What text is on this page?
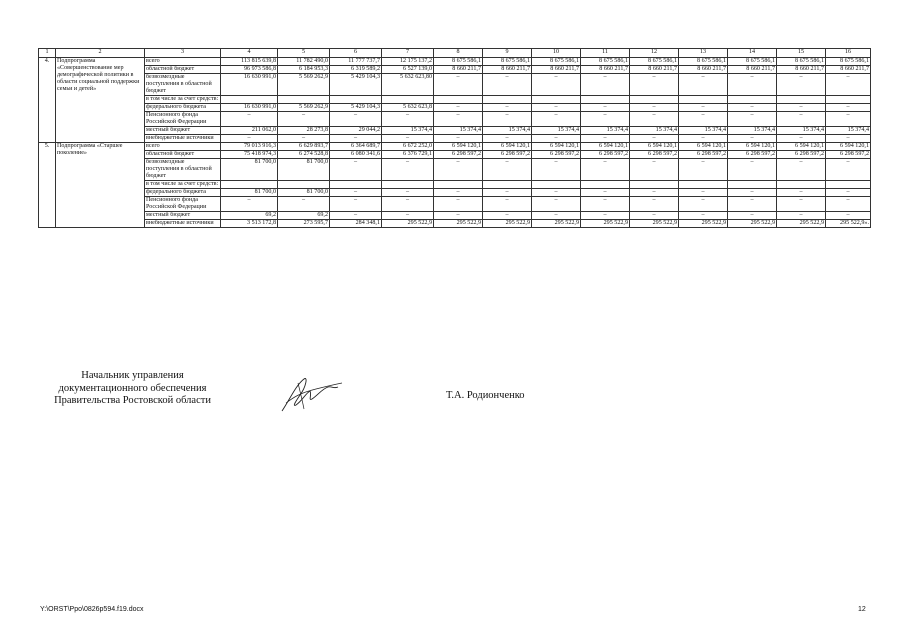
1	2	3	4	5	6	7	8	9	10	11	12	13	14	15	16
4.	Подпрограмма «Совершенствование мер демографической политики в области социальной поддержки семьи и детей»	всего	113 815 639,8	11 782 490,0	11 777 737,7	12 175 137,2	8 675 586,1	8 675 586,1	8 675 586,1	8 675 586,1	8 675 586,1	8 675 586,1	8 675 586,1	8 675 586,1	8 675 586,1
		областной бюджет	96 973 586,8	6 184 953,3	6 319 589,2	6 527 139,0	8 660 211,7	8 660 211,7	8 660 211,7	8 660 211,7	8 660 211,7	8 660 211,7	8 660 211,7	8 660 211,7	8 660 211,7
		безвозмездные поступления в областной бюджет	16 630 991,0	5 569 262,9	5 429 104,3	5 632 623,80	–	–	–	–	–	–	–	–	–
		в том числе за счет средств:													
		федерального бюджета	16 630 991,0	5 569 262,9	5 429 104,3	5 632 623,8	–	–	–	–	–	–	–	–	–
		Пенсионного фонда Российской Федерации	–	–	–	–	–	–	–	–	–	–	–	–	–
		местный бюджет	211 062,0	28 273,8	29 044,2	15 374,4	15 374,4	15 374,4	15 374,4	15 374,4	15 374,4	15 374,4	15 374,4	15 374,4	15 374,4
		внебюджетные источники	–	–	–	–	–	–	–	–	–	–	–	–	–
5.	Подпрограмма «Старшее поколение»	всего	79 013 916,3	6 629 893,7	6 364 689,7	6 672 252,0	6 594 120,1	6 594 120,1	6 594 120,1	6 594 120,1	6 594 120,1	6 594 120,1	6 594 120,1	6 594 120,1	6 594 120,1
		областной бюджет	75 418 974,3	6 274 528,8	6 080 341,6	6 376 729,1	6 298 597,2	6 298 597,2	6 298 597,2	6 298 597,2	6 298 597,2	6 298 597,2	6 298 597,2	6 298 597,2	6 298 597,2
		безвозмездные поступления в областной бюджет	81 700,0	81 700,0	–	–	–	–	–	–	–	–	–	–	–
		в том числе за счет средств:													
		федерального бюджета	81 700,0	81 700,0	–	–	–	–	–	–	–	–	–	–	–
		Пенсионного фонда Российской Федерации	–	–	–	–	–	–	–	–	–	–	–	–	–
		местный бюджет	69,2	69,2	–	–	–	–	–	–	–	–	–	–	–
		внебюджетные источники	3 513 172,8	273 595,7	284 348,1	295 522,9	295 522,9	295 522,9	295 522,9	295 522,9	295 522,9	295 522,9	295 522,9	295 522,9	295 522,9».
Начальник управления
документационного обеспечения
Правительства Ростовской области	Т.А. Родионченко
Y:\ORST\Ppo\0826p594.f19.docx	12
